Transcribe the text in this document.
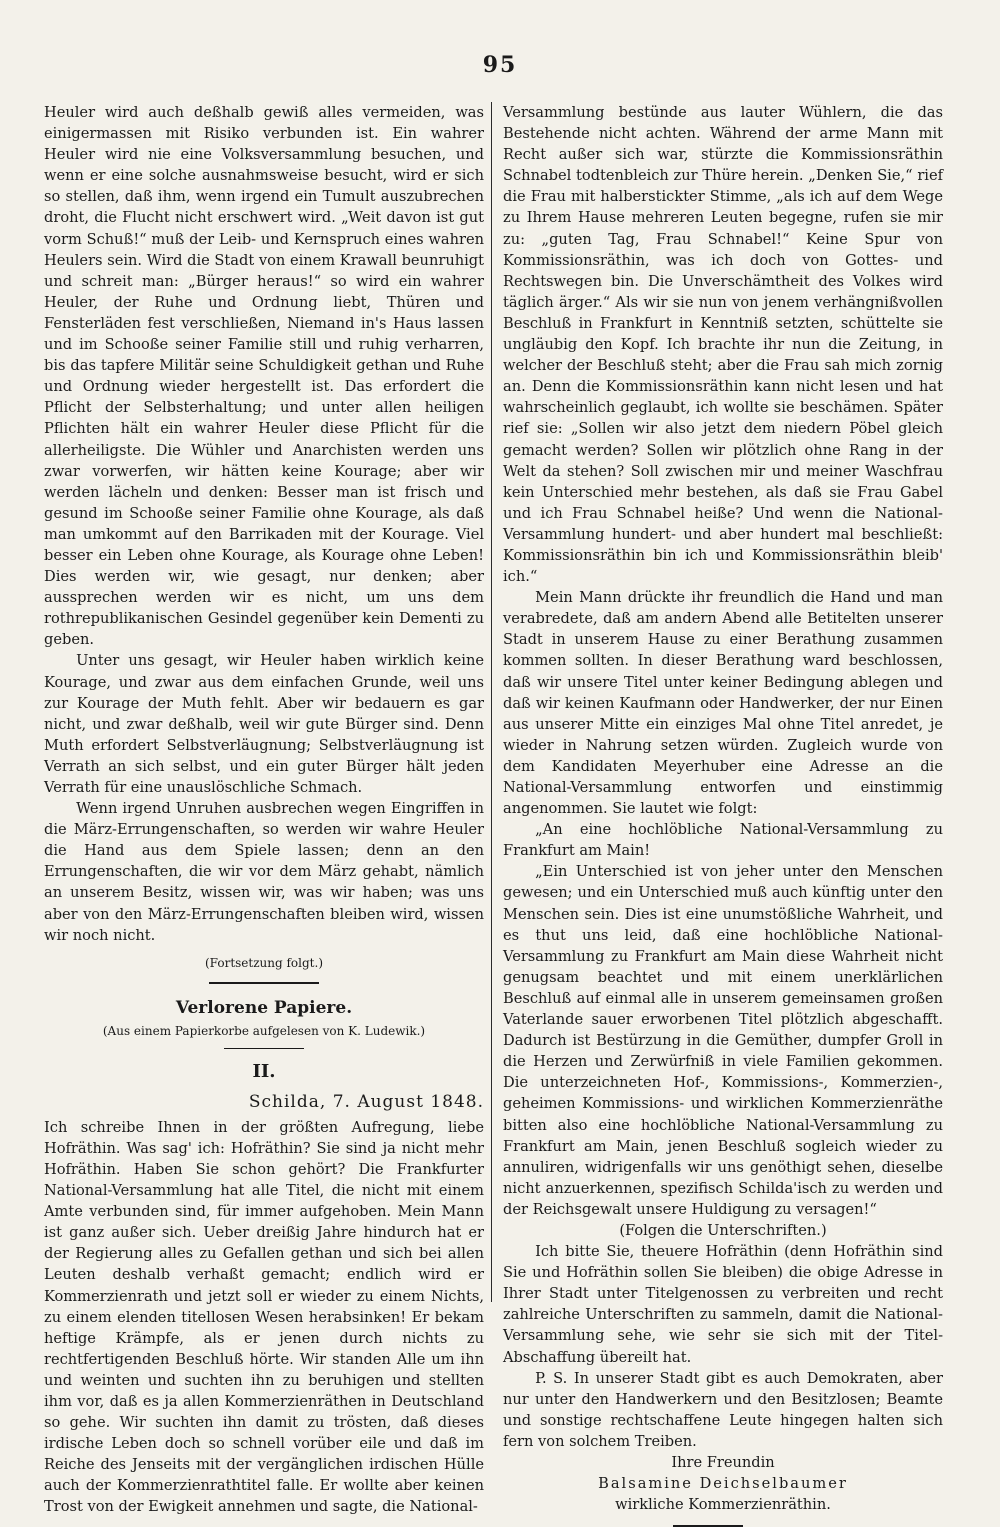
95

Heuler wird auch deßhalb gewiß alles vermeiden, was einigermassen mit Risiko verbunden ist. Ein wahrer Heuler wird nie eine Volksversammlung besuchen, und wenn er eine solche ausnahmsweise besucht, wird er sich so stellen, daß ihm, wenn irgend ein Tumult auszubrechen droht, die Flucht nicht erschwert wird. „Weit davon ist gut vorm Schuß!“ muß der Leib- und Kernspruch eines wahren Heulers sein. Wird die Stadt von einem Krawall beunruhigt und schreit man: „Bürger heraus!“ so wird ein wahrer Heuler, der Ruhe und Ordnung liebt, Thüren und Fensterläden fest verschließen, Niemand in's Haus lassen und im Schooße seiner Familie still und ruhig verharren, bis das tapfere Militär seine Schuldigkeit gethan und Ruhe und Ordnung wieder hergestellt ist. Das erfordert die Pflicht der Selbsterhaltung; und unter allen heiligen Pflichten hält ein wahrer Heuler diese Pflicht für die allerheiligste. Die Wühler und Anarchisten werden uns zwar vorwerfen, wir hätten keine Kourage; aber wir werden lächeln und denken: Besser man ist frisch und gesund im Schooße seiner Familie ohne Kourage, als daß man umkommt auf den Barrikaden mit der Kourage. Viel besser ein Leben ohne Kourage, als Kourage ohne Leben! Dies werden wir, wie gesagt, nur denken; aber aussprechen werden wir es nicht, um uns dem rothrepublikanischen Gesindel gegenüber kein Dementi zu geben.

Unter uns gesagt, wir Heuler haben wirklich keine Kourage, und zwar aus dem einfachen Grunde, weil uns zur Kourage der Muth fehlt. Aber wir bedauern es gar nicht, und zwar deßhalb, weil wir gute Bürger sind. Denn Muth erfordert Selbstverläugnung; Selbstverläugnung ist Verrath an sich selbst, und ein guter Bürger hält jeden Verrath für eine unauslöschliche Schmach.

Wenn irgend Unruhen ausbrechen wegen Eingriffen in die März-Errungenschaften, so werden wir wahre Heuler die Hand aus dem Spiele lassen; denn an den Errungenschaften, die wir vor dem März gehabt, nämlich an unserem Besitz, wissen wir, was wir haben; was uns aber von den März-Errungenschaften bleiben wird, wissen wir noch nicht.

(Fortsetzung folgt.)

Verlorene Papiere.

(Aus einem Papierkorbe aufgelesen von K. Ludewik.)

II.

Schilda, 7. August 1848.

Ich schreibe Ihnen in der größten Aufregung, liebe Hofräthin. Was sag' ich: Hofräthin? Sie sind ja nicht mehr Hofräthin. Haben Sie schon gehört? Die Frankfurter National-Versammlung hat alle Titel, die nicht mit einem Amte verbunden sind, für immer aufgehoben. Mein Mann ist ganz außer sich. Ueber dreißig Jahre hindurch hat er der Regierung alles zu Gefallen gethan und sich bei allen Leuten deshalb verhaßt gemacht; endlich wird er Kommerzienrath und jetzt soll er wieder zu einem Nichts, zu einem elenden titellosen Wesen herabsinken! Er bekam heftige Krämpfe, als er jenen durch nichts zu rechtfertigenden Beschluß hörte. Wir standen Alle um ihn und weinten und suchten ihn zu beruhigen und stellten ihm vor, daß es ja allen Kommerzienräthen in Deutschland so gehe. Wir suchten ihn damit zu trösten, daß dieses irdische Leben doch so schnell vorüber eile und daß im Reiche des Jenseits mit der vergänglichen irdischen Hülle auch der Kommerzienrathtitel falle. Er wollte aber keinen Trost von der Ewigkeit annehmen und sagte, die National-

Versammlung bestünde aus lauter Wühlern, die das Bestehende nicht achten. Während der arme Mann mit Recht außer sich war, stürzte die Kommissionsräthin Schnabel todtenbleich zur Thüre herein. „Denken Sie,“ rief die Frau mit halberstickter Stimme, „als ich auf dem Wege zu Ihrem Hause mehreren Leuten begegne, rufen sie mir zu: „guten Tag, Frau Schnabel!“ Keine Spur von Kommissionsräthin, was ich doch von Gottes- und Rechtswegen bin. Die Unverschämtheit des Volkes wird täglich ärger.“ Als wir sie nun von jenem verhängnißvollen Beschluß in Frankfurt in Kenntniß setzten, schüttelte sie ungläubig den Kopf. Ich brachte ihr nun die Zeitung, in welcher der Beschluß steht; aber die Frau sah mich zornig an. Denn die Kommissionsräthin kann nicht lesen und hat wahrscheinlich geglaubt, ich wollte sie beschämen. Später rief sie: „Sollen wir also jetzt dem niedern Pöbel gleich gemacht werden? Sollen wir plötzlich ohne Rang in der Welt da stehen? Soll zwischen mir und meiner Waschfrau kein Unterschied mehr bestehen, als daß sie Frau Gabel und ich Frau Schnabel heiße? Und wenn die National-Versammlung hundert- und aber hundert mal beschließt: Kommissionsräthin bin ich und Kommissionsräthin bleib' ich.“

Mein Mann drückte ihr freundlich die Hand und man verabredete, daß am andern Abend alle Betitelten unserer Stadt in unserem Hause zu einer Berathung zusammen kommen sollten. In dieser Berathung ward beschlossen, daß wir unsere Titel unter keiner Bedingung ablegen und daß wir keinen Kaufmann oder Handwerker, der nur Einen aus unserer Mitte ein einziges Mal ohne Titel anredet, je wieder in Nahrung setzen würden. Zugleich wurde von dem Kandidaten Meyerhuber eine Adresse an die National-Versammlung entworfen und einstimmig angenommen. Sie lautet wie folgt:

„An eine hochlöbliche National-Versammlung zu Frankfurt am Main!

„Ein Unterschied ist von jeher unter den Menschen gewesen; und ein Unterschied muß auch künftig unter den Menschen sein. Dies ist eine unumstößliche Wahrheit, und es thut uns leid, daß eine hochlöbliche National-Versammlung zu Frankfurt am Main diese Wahrheit nicht genugsam beachtet und mit einem unerklärlichen Beschluß auf einmal alle in unserem gemeinsamen großen Vaterlande sauer erworbenen Titel plötzlich abgeschafft. Dadurch ist Bestürzung in die Gemüther, dumpfer Groll in die Herzen und Zerwürfniß in viele Familien gekommen. Die unterzeichneten Hof-, Kommissions-, Kommerzien-, geheimen Kommissions- und wirklichen Kommerzienräthe bitten also eine hochlöbliche National-Versammlung zu Frankfurt am Main, jenen Beschluß sogleich wieder zu annuliren, widrigenfalls wir uns genöthigt sehen, dieselbe nicht anzuerkennen, spezifisch Schilda'isch zu werden und der Reichsgewalt unsere Huldigung zu versagen!“

(Folgen die Unterschriften.)

Ich bitte Sie, theuere Hofräthin (denn Hofräthin sind Sie und Hofräthin sollen Sie bleiben) die obige Adresse in Ihrer Stadt unter Titelgenossen zu verbreiten und recht zahlreiche Unterschriften zu sammeln, damit die National-Versammlung sehe, wie sehr sie sich mit der Titel-Abschaffung übereilt hat.

P. S. In unserer Stadt gibt es auch Demokraten, aber nur unter den Handwerkern und den Besitzlosen; Beamte und sonstige rechtschaffene Leute hingegen halten sich fern von solchem Treiben.

Ihre Freundin

Balsamine Deichselbaumer

wirkliche Kommerzienräthin.
